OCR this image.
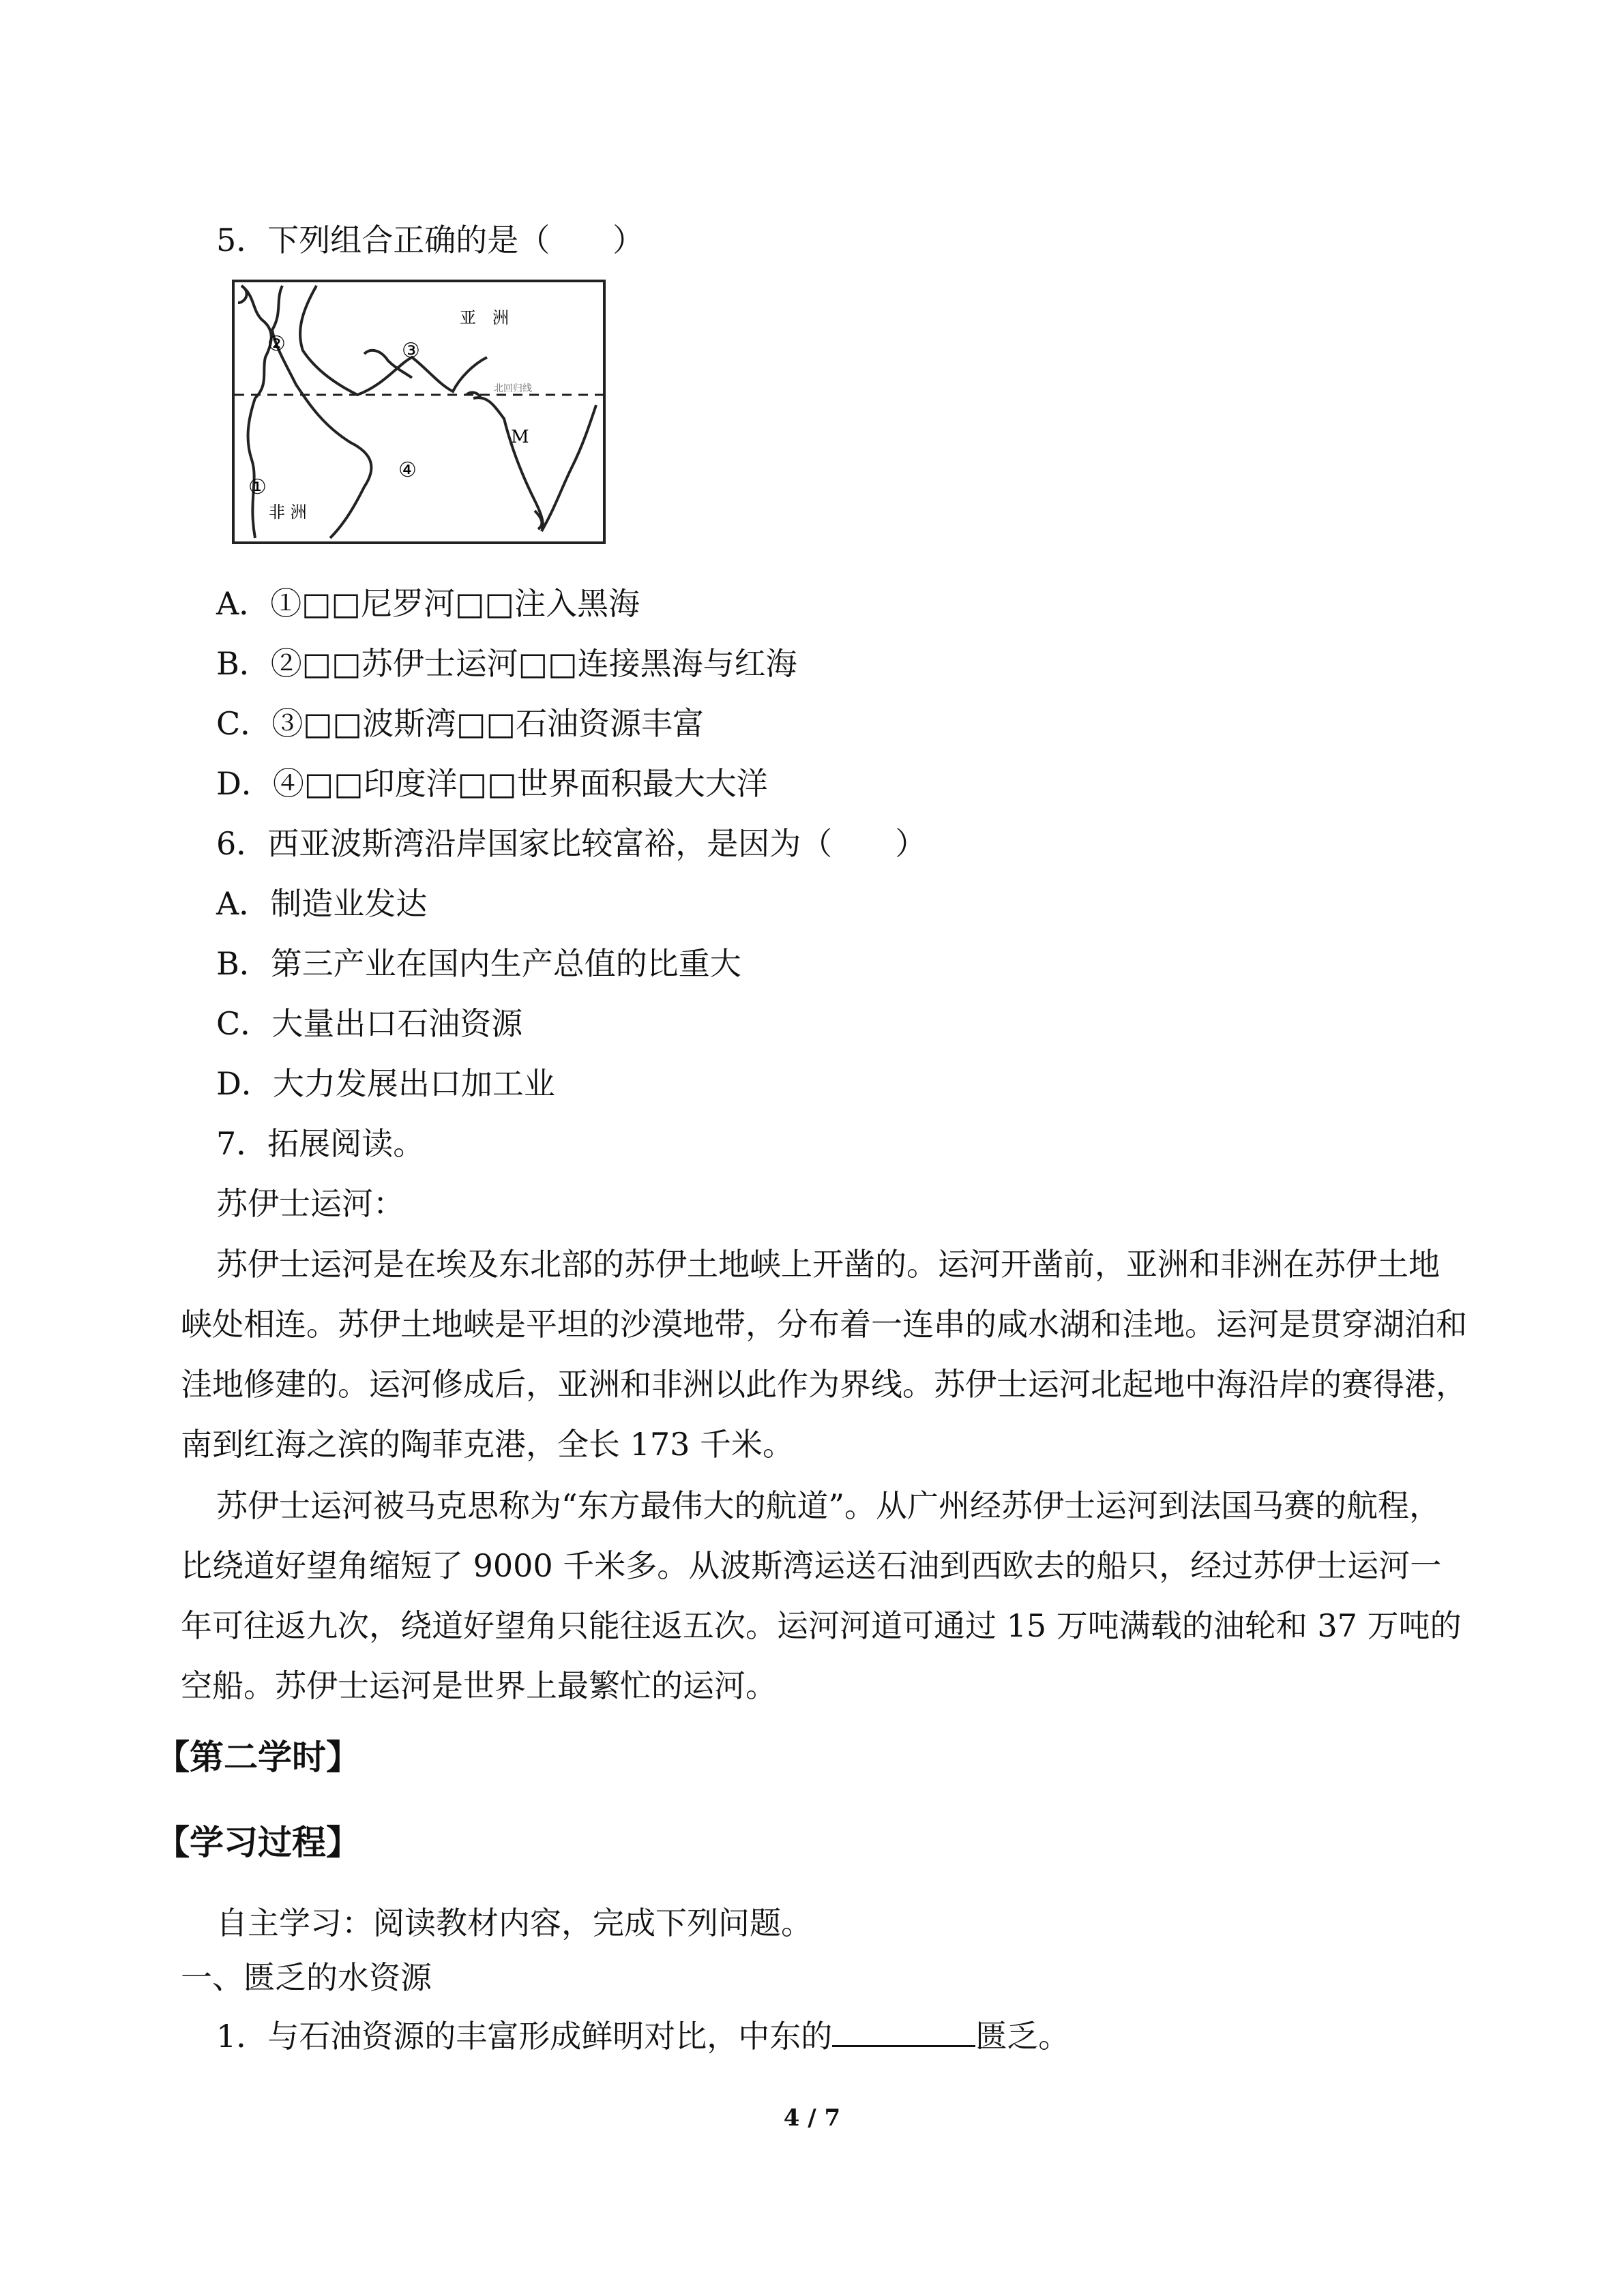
5．下列组合正确的是（　　）
亚　洲
非 洲
①
②	③
④
M
北回归线
A．①□□尼罗河□□注入黑海
B．②□□苏伊士运河□□连接黑海与红海
C．③□□波斯湾□□石油资源丰富
D．④□□印度洋□□世界面积最大大洋
6．西亚波斯湾沿岸国家比较富裕，是因为（　　）
A．制造业发达
B．第三产业在国内生产总值的比重大
C．大量出口石油资源
D．大力发展出口加工业
7．拓展阅读。
苏伊士运河：
苏伊士运河是在埃及东北部的苏伊土地峡上开凿的。运河开凿前，亚洲和非洲在苏伊土地峡处相连。苏伊土地峡是平坦的沙漠地带，分布着一连串的咸水湖和洼地。运河是贯穿湖泊和洼地修建的。运河修成后，亚洲和非洲以此作为界线。苏伊士运河北起地中海沿岸的赛得港，南到红海之滨的陶菲克港，全长 173 千米。
苏伊士运河被马克思称为“东方最伟大的航道”。从广州经苏伊士运河到法国马赛的航程，比绕道好望角缩短了 9000 千米多。从波斯湾运送石油到西欧去的船只，经过苏伊士运河一年可往返九次，绕道好望角只能往返五次。运河河道可通过 15 万吨满载的油轮和 37 万吨的空船。苏伊士运河是世界上最繁忙的运河。
【第二学时】
【学习过程】
自主学习：阅读教材内容，完成下列问题。
一、匮乏的水资源
1．与石油资源的丰富形成鲜明对比，中东的	匮乏。
4 / 7
